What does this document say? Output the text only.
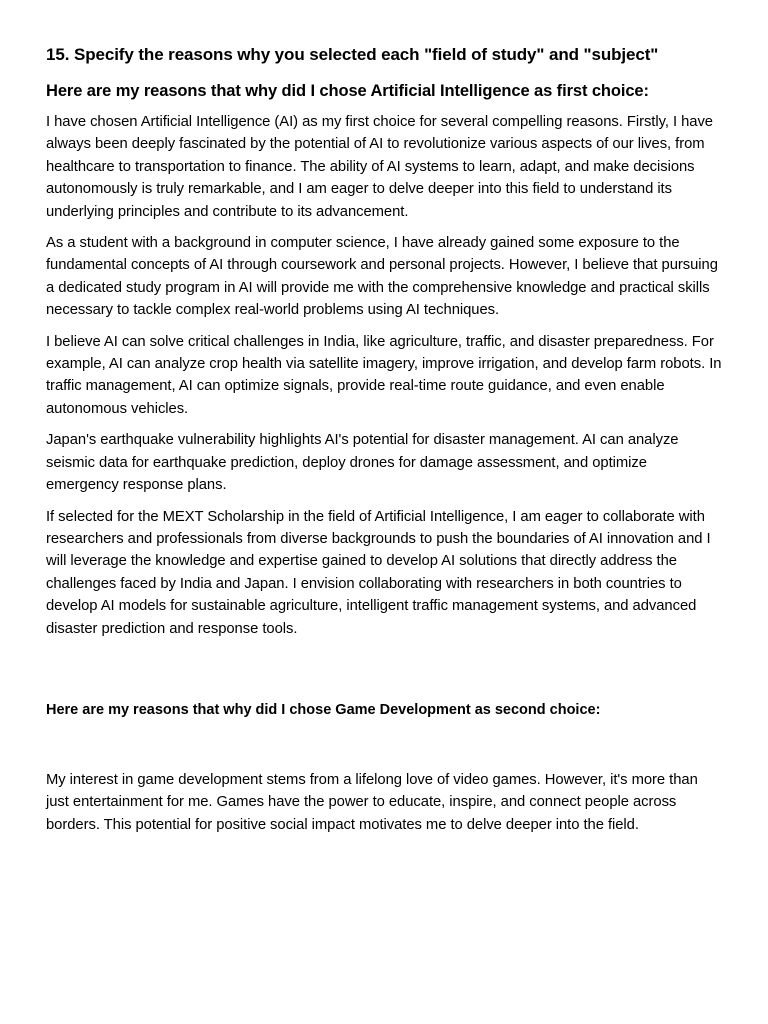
15. Specify the reasons why you selected each "field of study" and "subject"
Here are my reasons that why did I chose Artificial Intelligence as first choice:

I have chosen Artificial Intelligence (AI) as my first choice for several compelling reasons. Firstly, I have always been deeply fascinated by the potential of AI to revolutionize various aspects of our lives, from healthcare to transportation to finance. The ability of AI systems to learn, adapt, and make decisions autonomously is truly remarkable, and I am eager to delve deeper into this field to understand its underlying principles and contribute to its advancement.

As a student with a background in computer science, I have already gained some exposure to the fundamental concepts of AI through coursework and personal projects. However, I believe that pursuing a dedicated study program in AI will provide me with the comprehensive knowledge and practical skills necessary to tackle complex real-world problems using AI techniques.

I believe AI can solve critical challenges in India, like agriculture, traffic, and disaster preparedness. For example, AI can analyze crop health via satellite imagery, improve irrigation, and develop farm robots. In traffic management, AI can optimize signals, provide real-time route guidance, and even enable autonomous vehicles.

Japan's earthquake vulnerability highlights AI's potential for disaster management. AI can analyze seismic data for earthquake prediction, deploy drones for damage assessment, and optimize emergency response plans.

If selected for the MEXT Scholarship in the field of Artificial Intelligence, I am eager to collaborate with researchers and professionals from diverse backgrounds to push the boundaries of AI innovation and I will leverage the knowledge and expertise gained to develop AI solutions that directly address the challenges faced by India and Japan. I envision collaborating with researchers in both countries to develop AI models for sustainable agriculture, intelligent traffic management systems, and advanced disaster prediction and response tools.

Here are my reasons that why did I chose Game Development as second choice:

My interest in game development stems from a lifelong love of video games. However, it's more than just entertainment for me. Games have the power to educate, inspire, and connect people across borders. This potential for positive social impact motivates me to delve deeper into the field.
